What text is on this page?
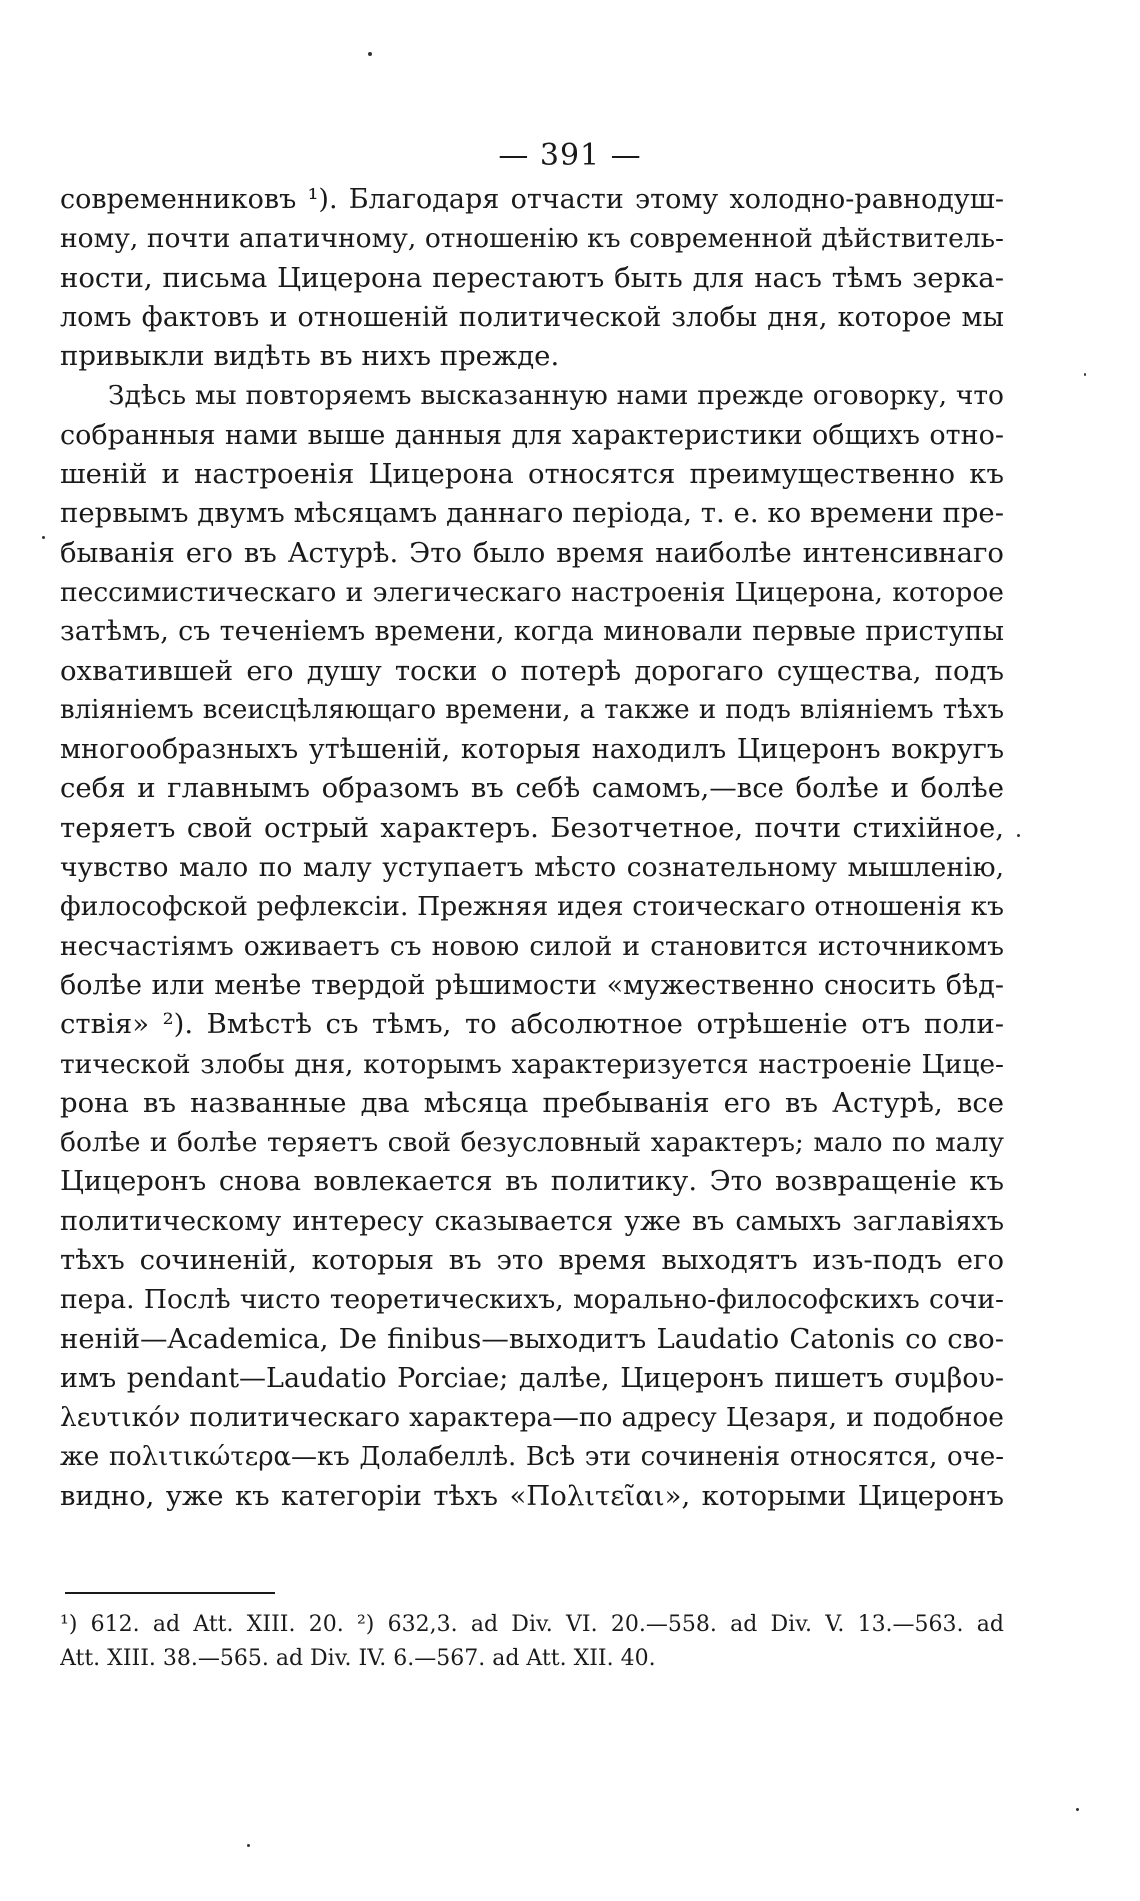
— 391 —
современниковъ ¹). Благодаря отчасти этому холодно-равнодуш-
ному, почти апатичному, отношенію къ современной дѣйствитель-
ности, письма Цицерона перестаютъ быть для насъ тѣмъ зерка-
ломъ фактовъ и отношеній политической злобы дня, которое мы
привыкли видѣть въ нихъ прежде.
Здѣсь мы повторяемъ высказанную нами прежде оговорку, что
собранныя нами выше данныя для характеристики общихъ отно-
шеній и настроенія Цицерона относятся преимущественно къ
первымъ двумъ мѣсяцамъ даннаго періода, т. е. ко времени пре-
быванія его въ Астурѣ. Это было время наиболѣе интенсивнаго
пессимистическаго и элегическаго настроенія Цицерона, которое
затѣмъ, съ теченіемъ времени, когда миновали первые приступы
охватившей его душу тоски о потерѣ дорогаго существа, подъ
вліяніемъ всеисцѣляющаго времени, а также и подъ вліяніемъ тѣхъ
многообразныхъ утѣшеній, которыя находилъ Цицеронъ вокругъ
себя и главнымъ образомъ въ себѣ самомъ,—все болѣе и болѣе
теряетъ свой острый характеръ. Безотчетное, почти стихійное,
чувство мало по малу уступаетъ мѣсто сознательному мышленію,
философской рефлексіи. Прежняя идея стоическаго отношенія къ
несчастіямъ оживаетъ съ новою силой и становится источникомъ
болѣе или менѣе твердой рѣшимости «мужественно сносить бѣд-
ствія» ²). Вмѣстѣ съ тѣмъ, то абсолютное отрѣшеніе отъ поли-
тической злобы дня, которымъ характеризуется настроеніе Цице-
рона въ названные два мѣсяца пребыванія его въ Астурѣ, все
болѣе и болѣе теряетъ свой безусловный характеръ; мало по малу
Цицеронъ снова вовлекается въ политику. Это возвращеніе къ
политическому интересу сказывается уже въ самыхъ заглавіяхъ
тѣхъ сочиненій, которыя въ это время выходятъ изъ-подъ его
пера. Послѣ чисто теоретическихъ, морально-философскихъ сочи-
неній—Academica, De finibus—выходитъ Laudatio Catonis со сво-
имъ pendant—Laudatio Porciae; далѣе, Цицеронъ пишетъ συμβου-
λευτικόν политическаго характера—по адресу Цезаря, и подобное
же πολιτικώτερα—къ Долабеллѣ. Всѣ эти сочиненія относятся, оче-
видно, уже къ категоріи тѣхъ «Πολιτεῖαι», которыми Цицеронъ
¹) 612. ad Att. XIII. 20. ²) 632,3. ad Div. VI. 20.—558. ad Div. V. 13.—563. ad
Att. XIII. 38.—565. ad Div. IV. 6.—567. ad Att. XII. 40.
